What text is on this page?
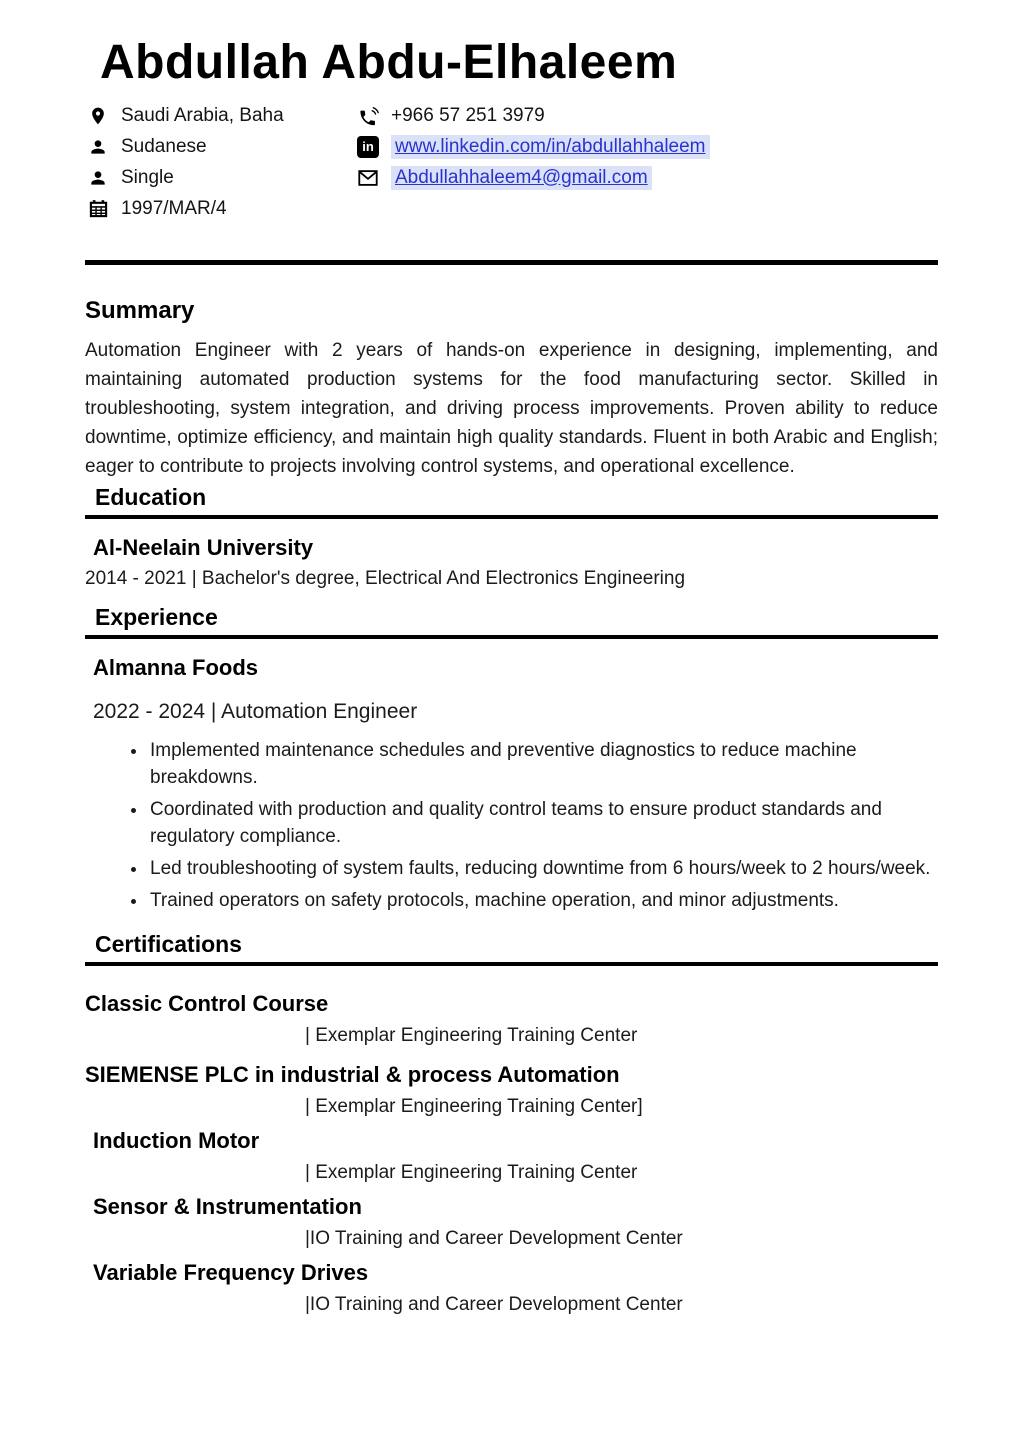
Abdullah Abdu-Elhaleem
Saudi Arabia, Baha
Sudanese
Single
1997/MAR/4
+966 57 251 3979
in www.linkedin.com/in/abdullahhaleem
Abdullahhaleem4@gmail.com
Summary
Automation Engineer with 2 years of hands-on experience in designing, implementing, and maintaining automated production systems for the food manufacturing sector. Skilled in troubleshooting, system integration, and driving process improvements. Proven ability to reduce downtime, optimize efficiency, and maintain high quality standards. Fluent in both Arabic and English; eager to contribute to projects involving control systems, and operational excellence.
Education
Al-Neelain University
2014 - 2021 | Bachelor's degree, Electrical And Electronics Engineering
Experience
Almanna Foods
2022 - 2024 | Automation Engineer
• Implemented maintenance schedules and preventive diagnostics to reduce machine breakdowns.
• Coordinated with production and quality control teams to ensure product standards and regulatory compliance.
• Led troubleshooting of system faults, reducing downtime from 6 hours/week to 2 hours/week.
• Trained operators on safety protocols, machine operation, and minor adjustments.
Certifications
Classic Control Course
| Exemplar Engineering Training Center
SIEMENSE PLC in industrial & process Automation
| Exemplar Engineering Training Center]
Induction Motor
| Exemplar Engineering Training Center
Sensor & Instrumentation
|IO Training and Career Development Center
Variable Frequency Drives
|IO Training and Career Development Center
